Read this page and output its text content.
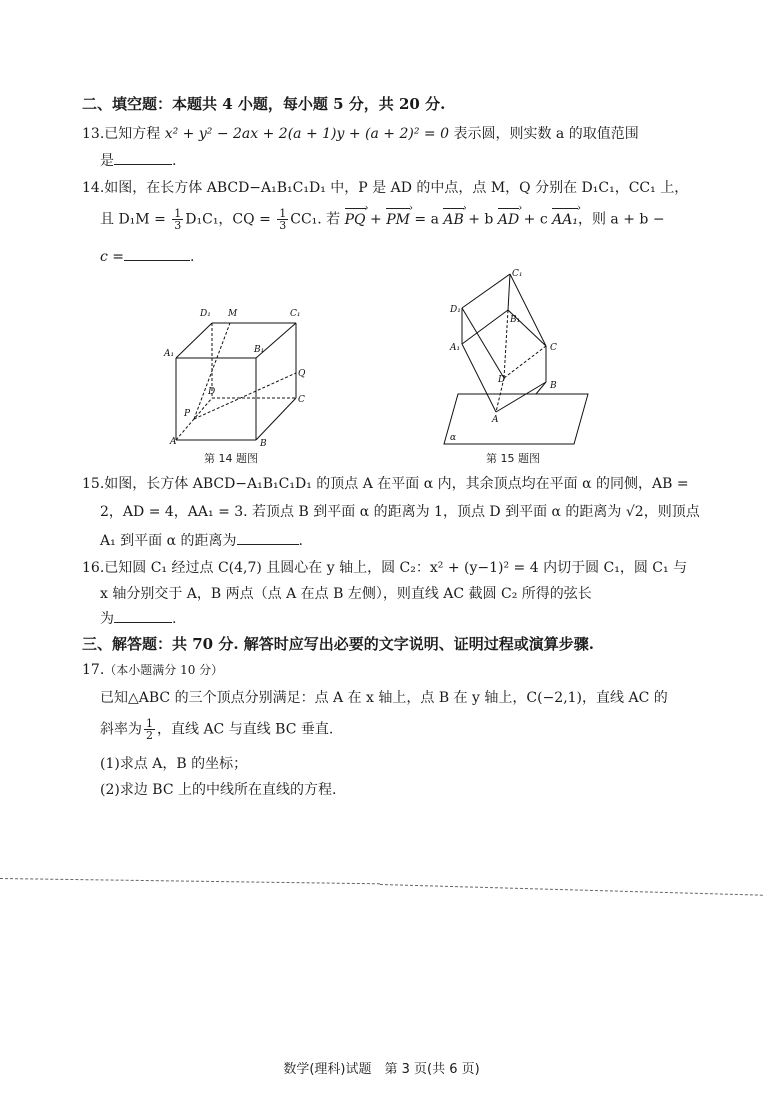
二、填空题：本题共 4 小题，每小题 5 分，共 20 分.
13.已知方程 x² + y² − 2ax + 2(a + 1)y + (a + 2)² = 0 表示圆，则实数 a 的取值范围
是	.
14.如图，在长方体 ABCD−A₁B₁C₁D₁ 中，P 是 AD 的中点，点 M，Q 分别在 D₁C₁，CC₁ 上，
且 $D_1M = \frac{1}{3} D_1C_1$，CQ = $\frac{1}{3} CC_1$. 若 PQ › + PM › = a AB › + b AD › + c AA₁ ›，则 a + b −
c =	.
D₁ M	C₁
A₁	B₁
Q
D
C
P
A	B
第 14 题图
C₁
D₁
B₁
A₁	C
D
B
A
α
第 15 题图
15.如图，长方体 ABCD−A₁B₁C₁D₁ 的顶点 A 在平面 α 内，其余顶点均在平面 α 的同侧，AB =
2，AD = 4，AA₁ = 3. 若顶点 B 到平面 α 的距离为 1，顶点 D 到平面 α 的距离为 √2，则顶点
A₁ 到平面 α 的距离为	.
16.已知圆 C₁ 经过点 C(4,7) 且圆心在 y 轴上，圆 C₂：x² + (y−1)² = 4 内切于圆 C₁，圆 C₁ 与
x 轴分别交于 A，B 两点（点 A 在点 B 左侧），则直线 AC 截圆 C₂ 所得的弦长
为	.
三、解答题：共 70 分. 解答时应写出必要的文字说明、证明过程或演算步骤.
17.（本小题满分 10 分）
已知△ABC 的三个顶点分别满足：点 A 在 x 轴上，点 B 在 y 轴上，C(−2,1)，直线 AC 的
斜率为 $\frac{1}{2}$ ，直线 AC 与直线 BC 垂直.
(1)求点 A，B 的坐标；
(2)求边 BC 上的中线所在直线的方程.
数学(理科)试题　第 3 页(共 6 页)
